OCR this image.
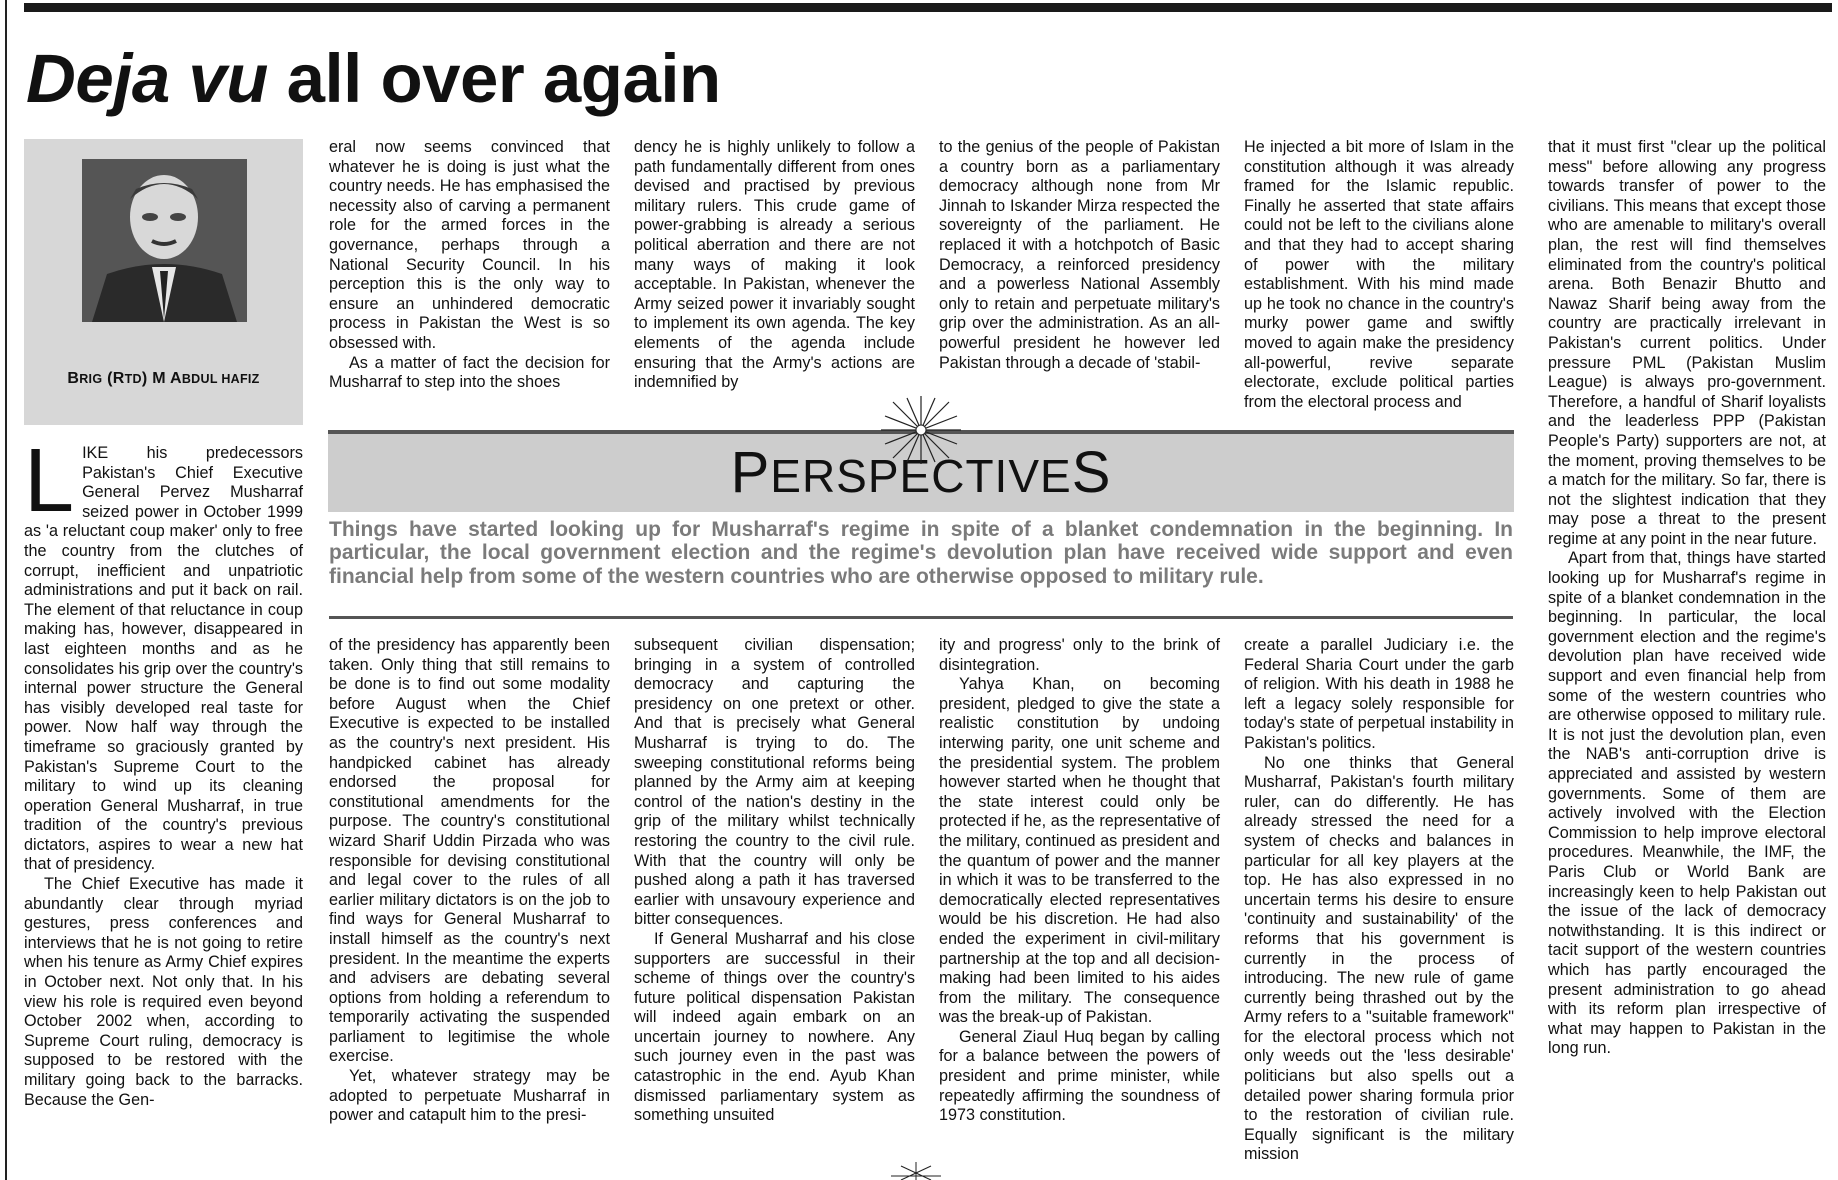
Deja vu all over again
BRIG (RTD) M ABDUL HAFIZ

LIKE his predecessors Pakistan's Chief Executive General Pervez Musharraf seized power in October 1999 as 'a reluctant coup maker' only to free the country from the clutches of corrupt, inefficient and unpatriotic administrations and put it back on rail. The element of that reluctance in coup making has, however, disappeared in last eighteen months and as he consolidates his grip over the country's internal power structure the General has visibly developed real taste for power. Now half way through the timeframe so graciously granted by Pakistan's Supreme Court to the military to wind up its cleaning operation General Musharraf, in true tradition of the country's previous dictators, aspires to wear a new hat that of presidency.

The Chief Executive has made it abundantly clear through myriad gestures, press conferences and interviews that he is not going to retire when his tenure as Army Chief expires in October next. Not only that. In his view his role is required even beyond October 2002 when, according to Supreme Court ruling, democracy is supposed to be restored with the military going back to the barracks. Because the Gen-

eral now seems convinced that whatever he is doing is just what the country needs. He has emphasised the necessity also of carving a permanent role for the armed forces in the governance, perhaps through a National Security Council. In his perception this is the only way to ensure an unhindered democratic process in Pakistan the West is so obsessed with.

As a matter of fact the decision for Musharraf to step into the shoes

dency he is highly unlikely to follow a path fundamentally different from ones devised and practised by previous military rulers. This crude game of power-grabbing is already a serious political aberration and there are not many ways of making it look acceptable. In Pakistan, whenever the Army seized power it invariably sought to implement its own agenda. The key elements of the agenda include ensuring that the Army's actions are indemnified by

to the genius of the people of Pakistan a country born as a parliamentary democracy although none from Mr Jinnah to Iskander Mirza respected the sovereignty of the parliament. He replaced it with a hotchpotch of Basic Democracy, a reinforced presidency and a powerless National Assembly only to retain and perpetuate military's grip over the administration. As an all-powerful president he however led Pakistan through a decade of 'stabil-

He injected a bit more of Islam in the constitution although it was already framed for the Islamic republic. Finally he asserted that state affairs could not be left to the civilians alone and that they had to accept sharing of power with the military establishment. With his mind made up he took no chance in the country's murky power game and swiftly moved to again make the presidency all-powerful, revive separate electorate, exclude political parties from the electoral process and

that it must first "clear up the political mess" before allowing any progress towards transfer of power to the civilians. This means that except those who are amenable to military's overall plan, the rest will find themselves eliminated from the country's political arena. Both Benazir Bhutto and Nawaz Sharif being away from the country are practically irrelevant in Pakistan's current politics. Under pressure PML (Pakistan Muslim League) is always pro-government. Therefore, a handful of Sharif loyalists and the leaderless PPP (Pakistan People's Party) supporters are not, at the moment, proving themselves to be a match for the military. So far, there is not the slightest indication that they may pose a threat to the present regime at any point in the near future.

Apart from that, things have started looking up for Musharraf's regime in spite of a blanket condemnation in the beginning. In particular, the local government election and the regime's devolution plan have received wide support and even financial help from some of the western countries who are otherwise opposed to military rule. It is not just the devolution plan, even the NAB's anti-corruption drive is appreciated and assisted by western governments. Some of them are actively involved with the Election Commission to help improve electoral procedures. Meanwhile, the IMF, the Paris Club or World Bank are increasingly keen to help Pakistan out the issue of the lack of democracy notwithstanding. It is this indirect or tacit support of the western countries which has partly encouraged the present administration to go ahead with its reform plan irrespective of what may happen to Pakistan in the long run.

PERSPECTIVES
Things have started looking up for Musharraf's regime in spite of a blanket condemnation in the beginning. In particular, the local government election and the regime's devolution plan have received wide support and even financial help from some of the western countries who are otherwise opposed to military rule.

of the presidency has apparently been taken. Only thing that still remains to be done is to find out some modality before August when the Chief Executive is expected to be installed as the country's next president. His handpicked cabinet has already endorsed the proposal for constitutional amendments for the purpose. The country's constitutional wizard Sharif Uddin Pirzada who was responsible for devising constitutional and legal cover to the rules of all earlier military dictators is on the job to find ways for General Musharraf to install himself as the country's next president. In the meantime the experts and advisers are debating several options from holding a referendum to temporarily activating the suspended parliament to legitimise the whole exercise.

Yet, whatever strategy may be adopted to perpetuate Musharraf in power and catapult him to the presi-

subsequent civilian dispensation; bringing in a system of controlled democracy and capturing the presidency on one pretext or other. And that is precisely what General Musharraf is trying to do. The sweeping constitutional reforms being planned by the Army aim at keeping control of the nation's destiny in the grip of the military whilst technically restoring the country to the civil rule. With that the country will only be pushed along a path it has traversed earlier with unsavoury experience and bitter consequences.

If General Musharraf and his close supporters are successful in their scheme of things over the country's future political dispensation Pakistan will indeed again embark on an uncertain journey to nowhere. Any such journey even in the past was catastrophic in the end. Ayub Khan dismissed parliamentary system as something unsuited

ity and progress' only to the brink of disintegration.

Yahya Khan, on becoming president, pledged to give the state a realistic constitution by undoing interwing parity, one unit scheme and the presidential system. The problem however started when he thought that the state interest could only be protected if he, as the representative of the military, continued as president and the quantum of power and the manner in which it was to be transferred to the democratically elected representatives would be his discretion. He had also ended the experiment in civil-military partnership at the top and all decision-making had been limited to his aides from the military. The consequence was the break-up of Pakistan.

General Ziaul Huq began by calling for a balance between the powers of president and prime minister, while repeatedly affirming the soundness of 1973 constitution.

create a parallel Judiciary i.e. the Federal Sharia Court under the garb of religion. With his death in 1988 he left a legacy solely responsible for today's state of perpetual instability in Pakistan's politics.

No one thinks that General Musharraf, Pakistan's fourth military ruler, can do differently. He has already stressed the need for a system of checks and balances in particular for all key players at the top. He has also expressed in no uncertain terms his desire to ensure 'continuity and sustainability' of the reforms that his government is currently in the process of introducing. The new rule of game currently being thrashed out by the Army refers to a "suitable framework" for the electoral process which not only weeds out the 'less desirable' politicians but also spells out a detailed power sharing formula prior to the restoration of civilian rule. Equally significant is the military mission
